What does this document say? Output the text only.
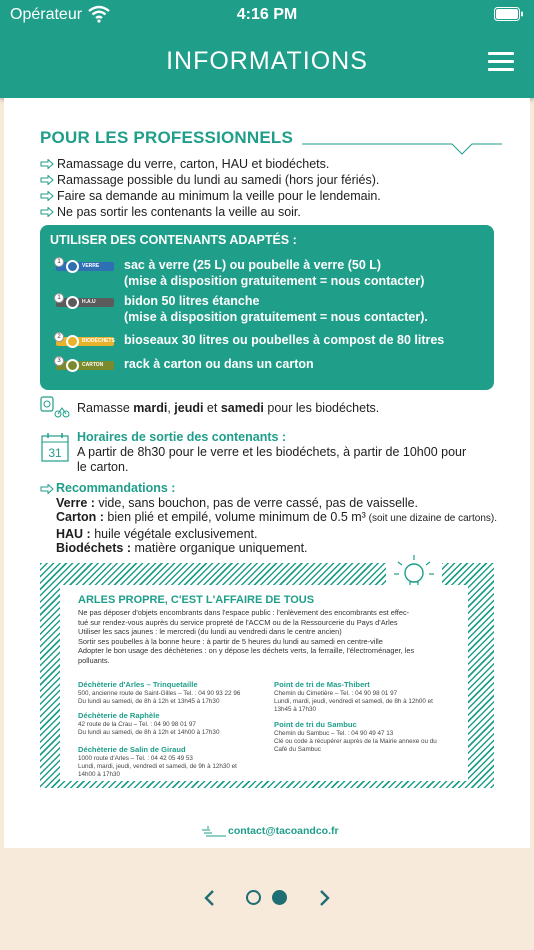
Opérateur	4:16 PM
INFORMATIONS
POUR LES PROFESSIONNELS
Ramassage du verre, carton, HAU et biodéchets.
Ramassage possible du lundi au samedi (hors jour fériés).
Faire sa demande au minimum la veille pour le lendemain.
Ne pas sortir les contenants la veille au soir.
UTILISER DES CONTENANTS ADAPTÉS :
VERRE
1	sac à verre (25 L) ou poubelle à verre (50 L)
(mise à disposition gratuitement = nous contacter)
H.A.U
1	bidon 50 litres étanche
(mise à disposition gratuitement = nous contacter).
BIODÉCHETS
2	bioseaux 30 litres ou poubelles à compost de 80 litres
CARTON
3	rack à carton ou dans un carton
Ramasse mardi, jeudi et samedi pour les biodéchets.
31
Horaires de sortie des contenants :
A partir de 8h30 pour le verre et les biodéchets, à partir de 10h00 pour
le carton.
Recommandations :
Verre : vide, sans bouchon, pas de verre cassé, pas de vaisselle.
Carton : bien plié et empilé, volume minimum de 0.5 m³ (soit une dizaine de cartons).
HAU : huile végétale exclusivement.
Biodéchets : matière organique uniquement.
ARLES PROPRE, C'EST L'AFFAIRE DE TOUS
Ne pas déposer d'objets encombrants dans l'espace public : l'enlèvement des encombrants est effec-
tué sur rendez-vous auprès du service propreté de l'ACCM ou de la Ressourcerie du Pays d'Arles
Utiliser les sacs jaunes : le mercredi (du lundi au vendredi dans le centre ancien)
Sortir ses poubelles à la bonne heure : à partir de 5 heures du lundi au samedi en centre-ville
Adopter le bon usage des déchèteries : on y dépose les déchets verts, la ferraille, l'électroménager, les
polluants.
Déchèterie d'Arles – Trinquetaille
500, ancienne route de Saint-Gilles – Tel. : 04 90 93 22 96
Du lundi au samedi, de 8h à 12h et 13h45 à 17h30
Déchèterie de Raphèle
42 route de la Crau – Tel. : 04 90 98 01 97
Du lundi au samedi, de 8h à 12h et 14h00 à 17h30
Déchèterie de Salin de Giraud
1000 route d'Arles – Tel. : 04 42 05 49 53
Lundi, mardi, jeudi, vendredi et samedi, de 9h à 12h30 et
14h00 à 17h30
Point de tri de Mas-Thibert
Chemin du Cimetière – Tel. : 04 90 98 01 97
Lundi, mardi, jeudi, vendredi et samedi, de 8h à 12h00 et
13h45 à 17h30
Point de tri du Sambuc
Chemin du Sambuc – Tel. : 04 90 49 47 13
Clé ou code à récupérer auprès de la Mairie annexe ou du
Café du Sambuc
contact@tacoandco.fr
